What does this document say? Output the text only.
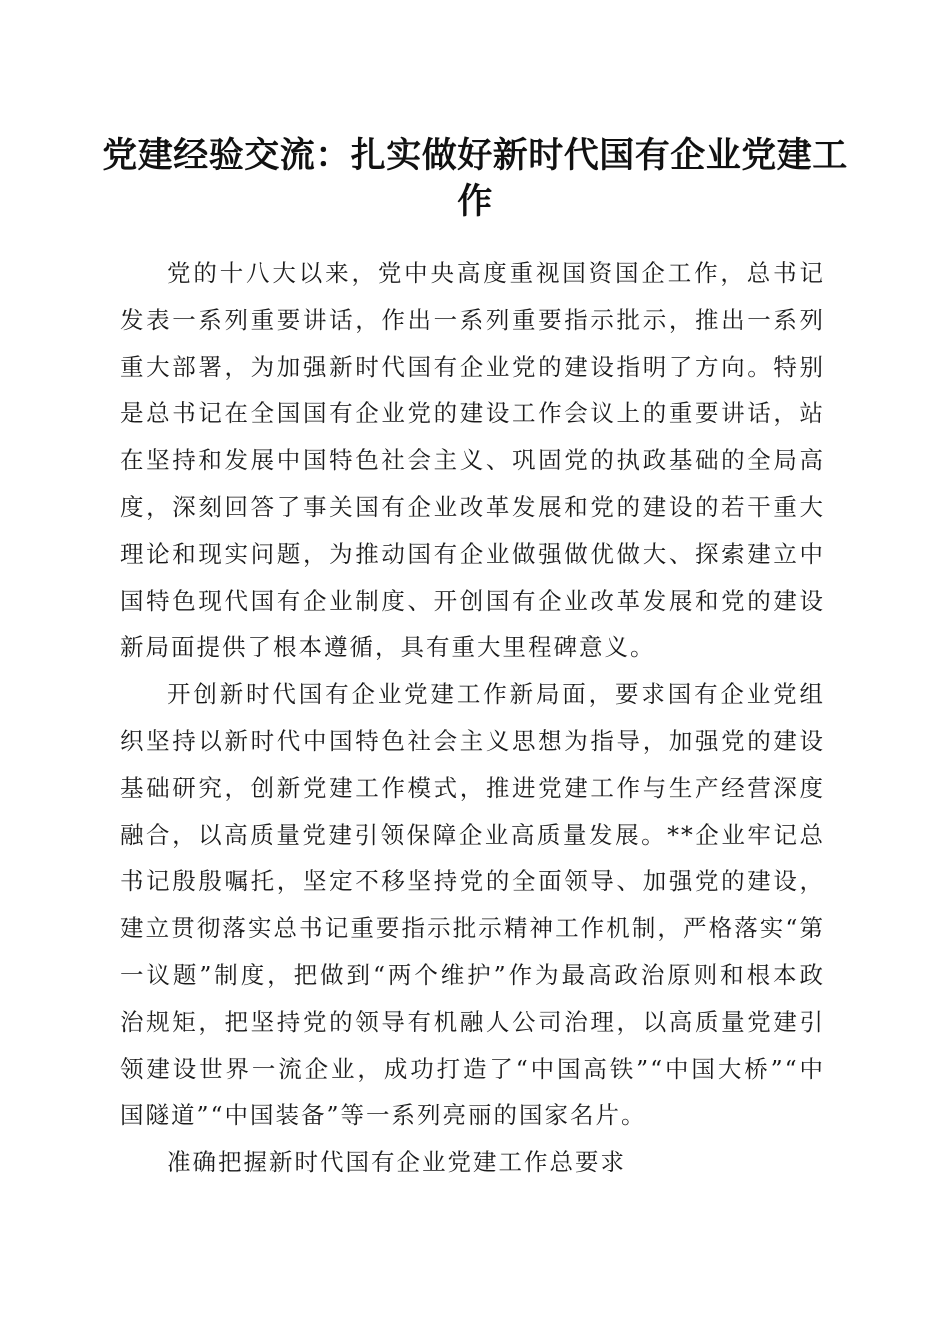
党建经验交流：扎实做好新时代国有企业党建工作

党的十八大以来，党中央高度重视国资国企工作，总书记发表一系列重要讲话，作出一系列重要指示批示，推出一系列重大部署，为加强新时代国有企业党的建设指明了方向。特别是总书记在全国国有企业党的建设工作会议上的重要讲话，站在坚持和发展中国特色社会主义、巩固党的执政基础的全局高度，深刻回答了事关国有企业改革发展和党的建设的若干重大理论和现实问题，为推动国有企业做强做优做大、探索建立中国特色现代国有企业制度、开创国有企业改革发展和党的建设新局面提供了根本遵循，具有重大里程碑意义。

开创新时代国有企业党建工作新局面，要求国有企业党组织坚持以新时代中国特色社会主义思想为指导，加强党的建设基础研究，创新党建工作模式，推进党建工作与生产经营深度融合，以高质量党建引领保障企业高质量发展。**企业牢记总书记殷殷嘱托，坚定不移坚持党的全面领导、加强党的建设，建立贯彻落实总书记重要指示批示精神工作机制，严格落实“第一议题”制度，把做到“两个维护”作为最高政治原则和根本政治规矩，把坚持党的领导有机融人公司治理，以高质量党建引领建设世界一流企业，成功打造了“中国高铁”“中国大桥”“中国隧道”“中国装备”等一系列亮丽的国家名片。

准确把握新时代国有企业党建工作总要求
